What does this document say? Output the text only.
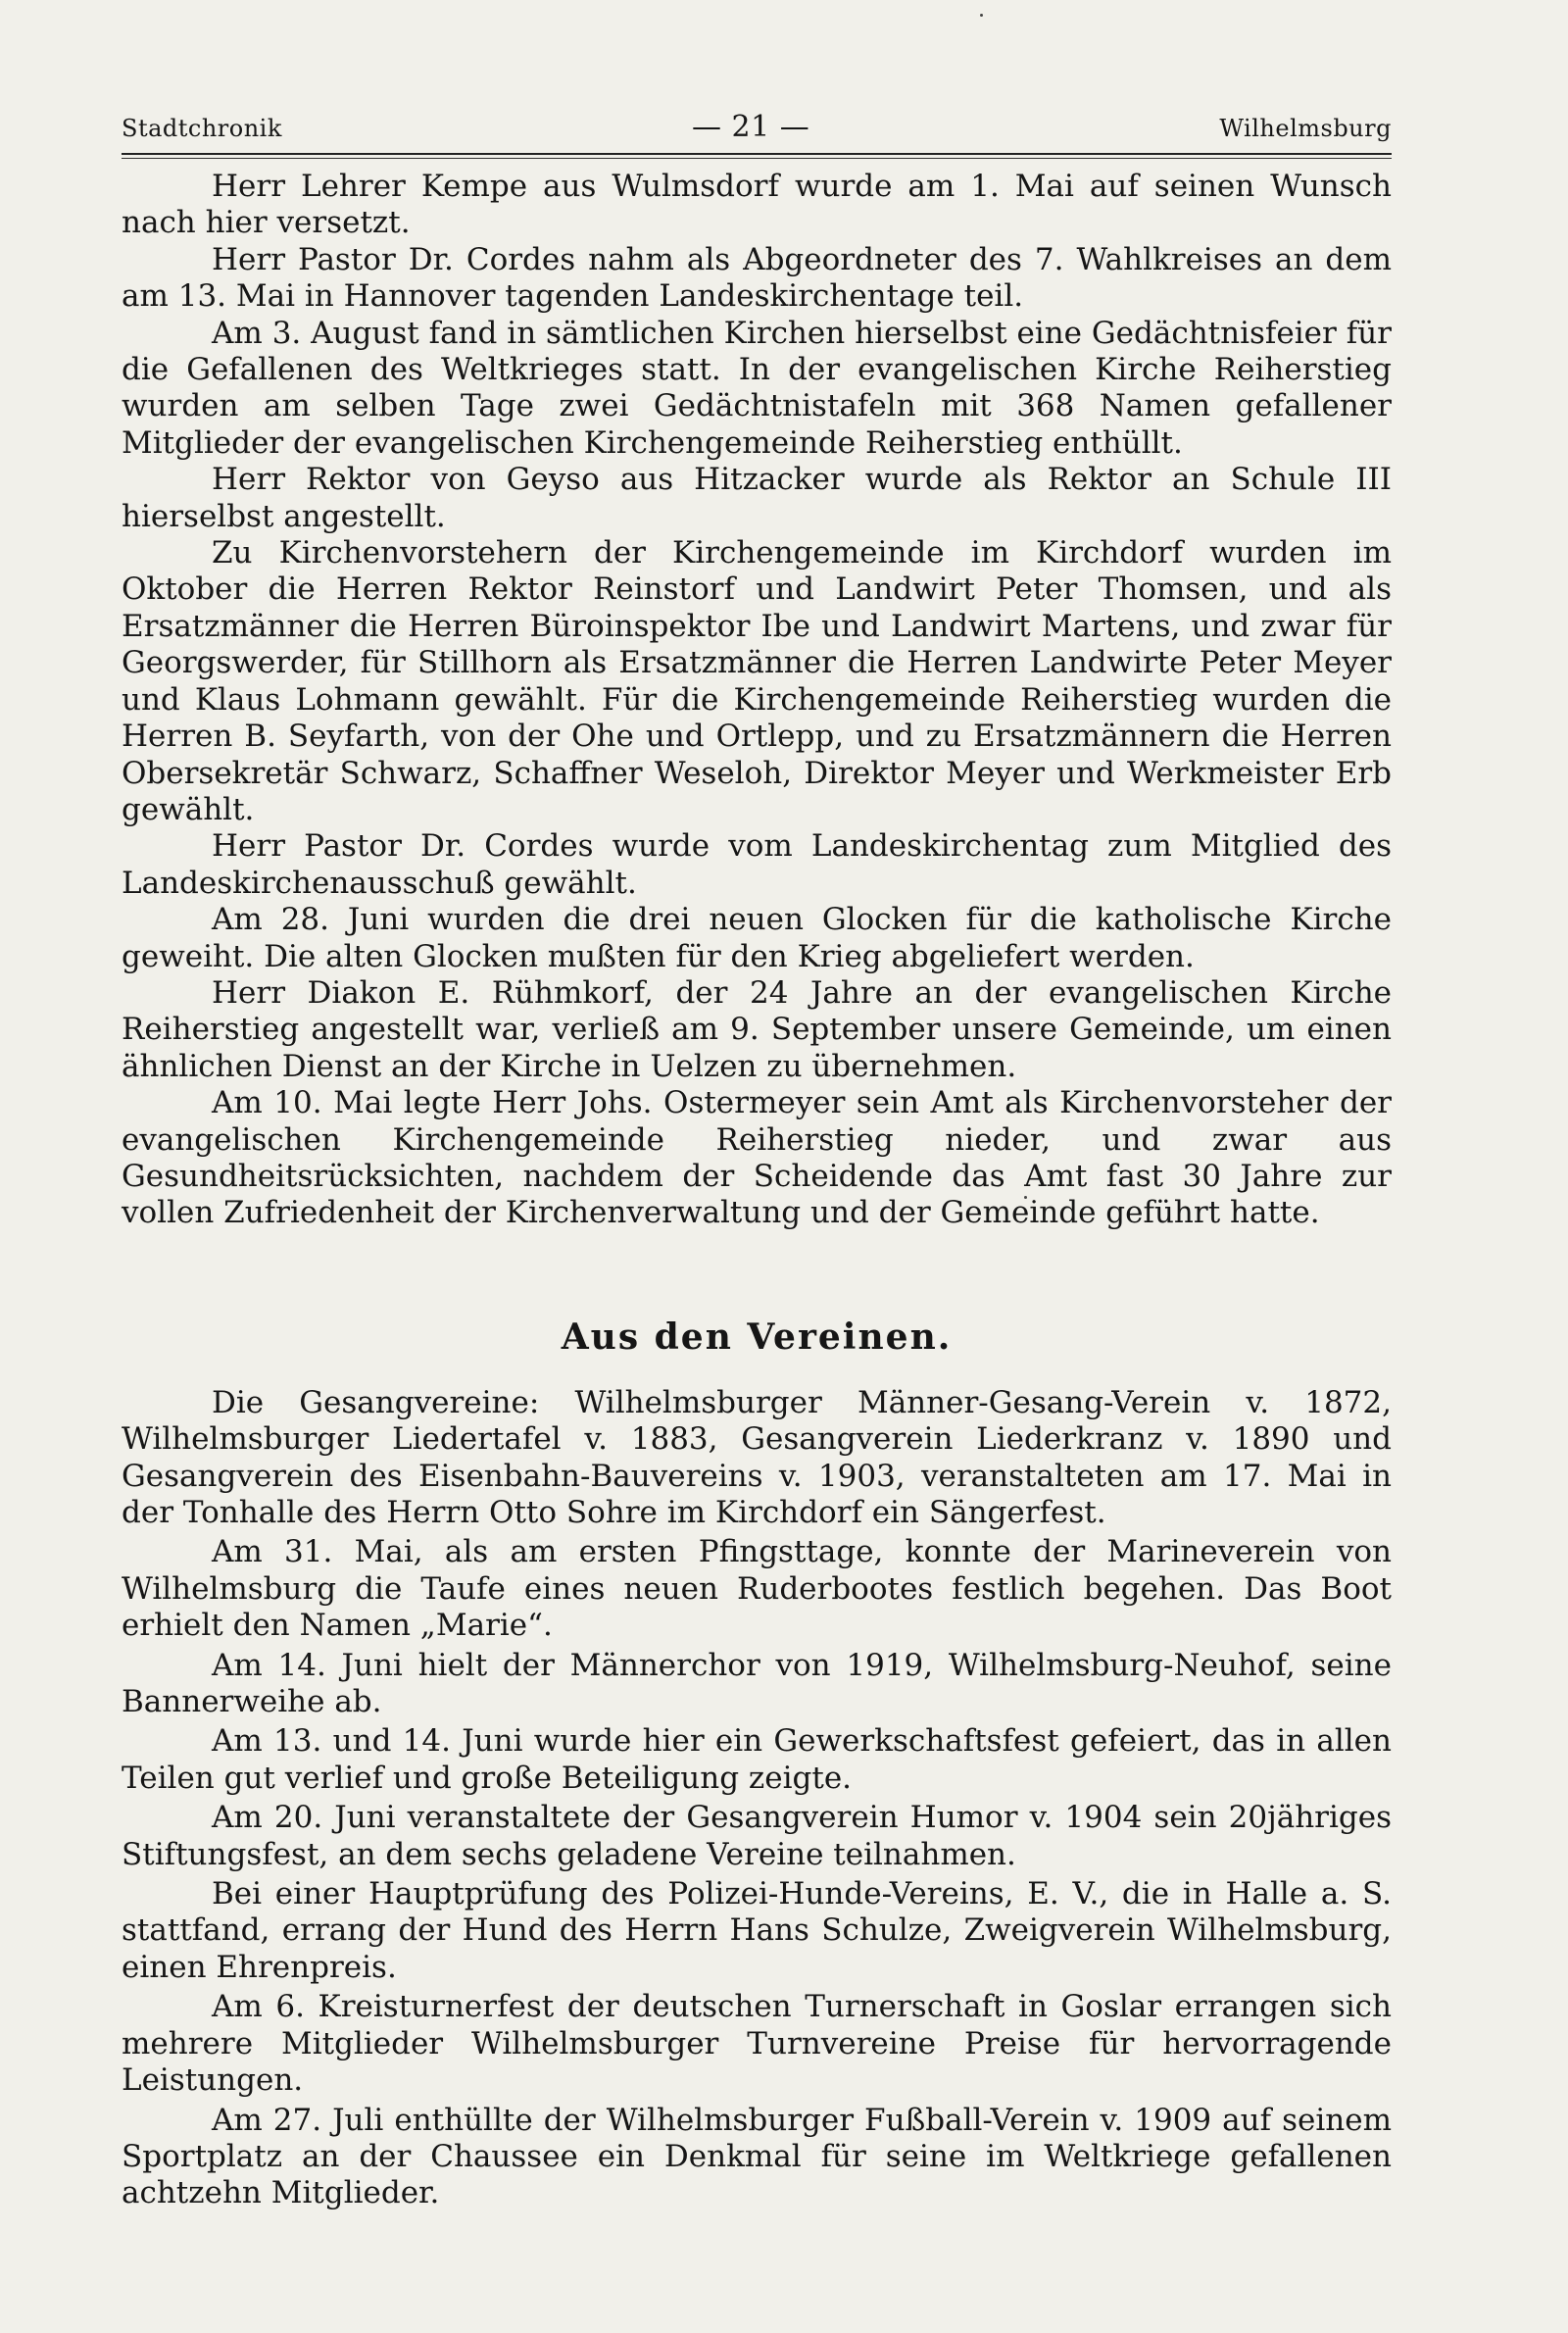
Stadtchronik	— 21 —	Wilhelmsburg

Herr Lehrer Kempe aus Wulmsdorf wurde am 1. Mai auf seinen Wunsch nach hier versetzt.

Herr Pastor Dr. Cordes nahm als Abgeordneter des 7. Wahlkreises an dem am 13. Mai in Hannover tagenden Landeskirchentage teil.

Am 3. August fand in sämtlichen Kirchen hierselbst eine Gedächtnisfeier für die Gefallenen des Weltkrieges statt. In der evangelischen Kirche Reiherstieg wurden am selben Tage zwei Gedächtnistafeln mit 368 Namen gefallener Mitglieder der evangelischen Kirchengemeinde Reiherstieg enthüllt.

Herr Rektor von Geyso aus Hitzacker wurde als Rektor an Schule III hierselbst angestellt.

Zu Kirchenvorstehern der Kirchengemeinde im Kirchdorf wurden im Oktober die Herren Rektor Reinstorf und Landwirt Peter Thomsen, und als Ersatzmänner die Herren Büroinspektor Ibe und Landwirt Martens, und zwar für Georgswerder, für Stillhorn als Ersatzmänner die Herren Landwirte Peter Meyer und Klaus Lohmann gewählt. Für die Kirchengemeinde Reiherstieg wurden die Herren B. Seyfarth, von der Ohe und Ortlepp, und zu Ersatzmännern die Herren Obersekretär Schwarz, Schaffner Weseloh, Direktor Meyer und Werkmeister Erb gewählt.

Herr Pastor Dr. Cordes wurde vom Landeskirchentag zum Mitglied des Landeskirchenausschuß gewählt.

Am 28. Juni wurden die drei neuen Glocken für die katholische Kirche geweiht. Die alten Glocken mußten für den Krieg abgeliefert werden.

Herr Diakon E. Rühmkorf, der 24 Jahre an der evangelischen Kirche Reiherstieg angestellt war, verließ am 9. September unsere Gemeinde, um einen ähnlichen Dienst an der Kirche in Uelzen zu übernehmen.

Am 10. Mai legte Herr Johs. Ostermeyer sein Amt als Kirchenvorsteher der evangelischen Kirchengemeinde Reiherstieg nieder, und zwar aus Gesundheitsrücksichten, nachdem der Scheidende das Amt fast 30 Jahre zur vollen Zufriedenheit der Kirchenverwaltung und der Gemeinde geführt hatte.

Aus den Vereinen.

Die Gesangvereine: Wilhelmsburger Männer-Gesang-Verein v. 1872, Wilhelmsburger Liedertafel v. 1883, Gesangverein Liederkranz v. 1890 und Gesangverein des Eisenbahn-Bauvereins v. 1903, veranstalteten am 17. Mai in der Tonhalle des Herrn Otto Sohre im Kirchdorf ein Sängerfest.

Am 31. Mai, als am ersten Pfingsttage, konnte der Marineverein von Wilhelmsburg die Taufe eines neuen Ruderbootes festlich begehen. Das Boot erhielt den Namen „Marie“.

Am 14. Juni hielt der Männerchor von 1919, Wilhelmsburg-Neuhof, seine Bannerweihe ab.

Am 13. und 14. Juni wurde hier ein Gewerkschaftsfest gefeiert, das in allen Teilen gut verlief und große Beteiligung zeigte.

Am 20. Juni veranstaltete der Gesangverein Humor v. 1904 sein 20jähriges Stiftungsfest, an dem sechs geladene Vereine teilnahmen.

Bei einer Hauptprüfung des Polizei-Hunde-Vereins, E. V., die in Halle a. S. stattfand, errang der Hund des Herrn Hans Schulze, Zweigverein Wilhelmsburg, einen Ehrenpreis.

Am 6. Kreisturnerfest der deutschen Turnerschaft in Goslar errangen sich mehrere Mitglieder Wilhelmsburger Turnvereine Preise für hervorragende Leistungen.

Am 27. Juli enthüllte der Wilhelmsburger Fußball-Verein v. 1909 auf seinem Sportplatz an der Chaussee ein Denkmal für seine im Weltkriege gefallenen achtzehn Mitglieder.
